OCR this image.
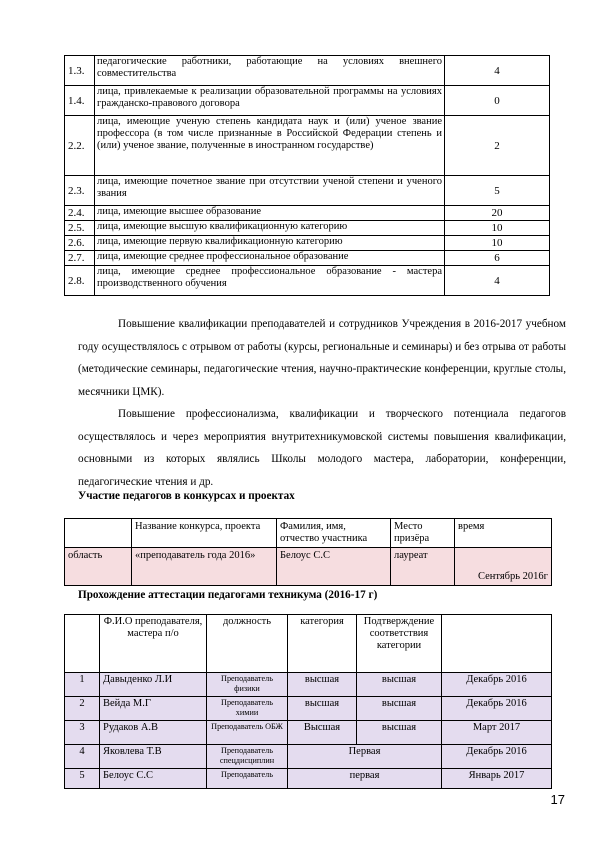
1.3.	педагогические работники, работающие на условиях внешнего совместительства	4
1.4.	лица, привлекаемые к реализации образовательной программы на условиях гражданско-правового договора	0
2.2.	лица, имеющие ученую степень кандидата наук и (или) ученое звание профессора (в том числе признанные в Российской Федерации степень и (или) ученое звание, полученные в иностранном государстве)	2
2.3.	лица, имеющие почетное звание при отсутствии ученой степени и ученого звания	5
2.4.	лица, имеющие высшее образование	20
2.5.	лица, имеющие высшую квалификационную категорию	10
2.6.	лица, имеющие первую квалификационную категорию	10
2.7.	лица, имеющие среднее профессиональное образование	6
2.8.	лица, имеющие среднее профессиональное образование - мастера производственного обучения	4
Повышение квалификации преподавателей и сотрудников Учреждения в 2016-2017 учебном году осуществлялось с отрывом от работы (курсы, региональные и семинары) и без отрыва от работы (методические семинары, педагогические чтения, научно-практические конференции, круглые столы, месячники ЦМК).
Повышение профессионализма, квалификации и творческого потенциала педагогов осуществлялось и через мероприятия внутритехникумовской системы повышения квалификации, основными из которых являлись Школы молодого мастера, лаборатории, конференции, педагогические чтения и др.
Участие педагогов в конкурсах и проектах
	Название конкурса, проекта	Фамилия, имя, отчество участника	Место призёра	время
область	«преподаватель года 2016»	Белоус С.С	лауреат	Сентябрь 2016г
Прохождение аттестации педагогами техникума (2016-17 г)
	Ф.И.О преподавателя, мастера п/о	должность	категория	Подтверждение соответствия категории	
1	Давыденко Л.И	Преподаватель физики	высшая	высшая	Декабрь 2016
2	Вейда М.Г	Преподаватель химии	высшая	высшая	Декабрь 2016
3	Рудаков А.В	Преподаватель ОБЖ	Высшая	высшая	Март 2017
4	Яковлева Т.В	Преподаватель спецдисциплин	Первая		Декабрь 2016
5	Белоус С.С	Преподаватель	первая		Январь 2017
17
